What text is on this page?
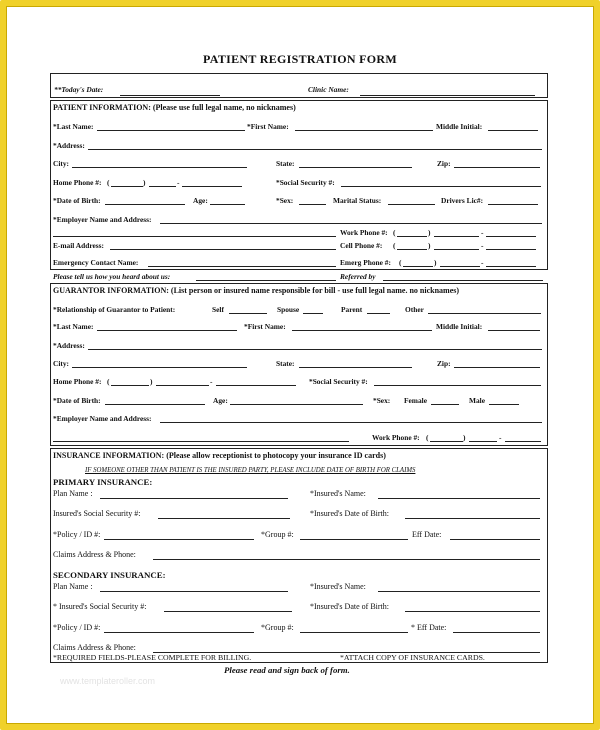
PATIENT REGISTRATION FORM
**Today's Date:	Clinic Name:
PATIENT INFORMATION: (Please use full legal name, no nicknames)
*Last Name:	*First Name:	Middle Initial:
*Address:
City:	State:	Zip:
Home Phone #: (	)	-	*Social Security #:
*Date of Birth:	Age:	*Sex:	Marital Status:	Drivers Lic#:
*Employer Name and Address:
Work Phone #: (	)	-
E-mail Address:	Cell Phone #: (	)	-
Emergency Contact Name:	Emerg Phone #: (	)	-
Please tell us how you heard about us:	Referred by
GUARANTOR INFORMATION: (List person or insured name responsible for bill - use full legal name. no nicknames)
*Relationship of Guarantor to Patient:	Self	Spouse	Parent	Other
*Last Name:	*First Name:	Middle Initial:
*Address:
City:	State:	Zip:
Home Phone #: (	)	-	*Social Security #:
*Date of Birth:	Age:	*Sex: Female	Male
*Employer Name and Address:
Work Phone #: (	)	-
INSURANCE INFORMATION: (Please allow receptionist to photocopy your insurance ID cards)
IF SOMEONE OTHER THAN PATIENT IS THE INSURED PARTY, PLEASE INCLUDE DATE OF BIRTH FOR CLAIMS
PRIMARY INSURANCE:
Plan Name :	*Insured's Name:
Insured's Social Security #:	*Insured's Date of Birth:
*Policy / ID #:	*Group #:	Eff Date:
Claims Address & Phone:
SECONDARY INSURANCE:
Plan Name :	*Insured's Name:
* Insured's Social Security #:	*Insured's Date of Birth:
*Policy / ID #:	*Group #:	* Eff Date:
Claims Address & Phone:
*REQUIRED FIELDS-PLEASE COMPLETE FOR BILLING.	*ATTACH COPY OF INSURANCE CARDS.
Please read and sign back of form.
www.templateroller.com
